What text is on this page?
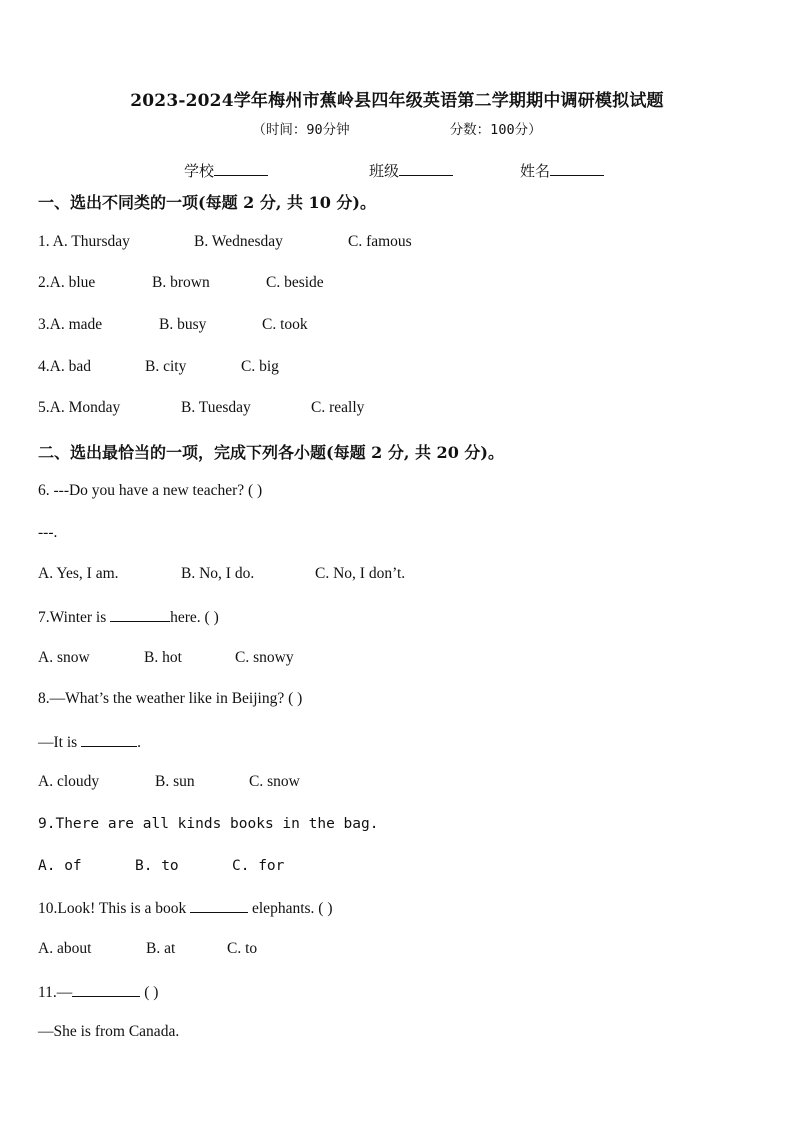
2023-2024学年梅州市蕉岭县四年级英语第二学期期中调研模拟试题
（时间：90分钟	分数：100分）
学校	班级	姓名
一、选出不同类的一项(每题 2 分, 共 10 分)。
1. A. Thursday	B. Wednesday	C. famous
2.A. blue	B. brown	C. beside
3.A. made	B. busy	C. took
4.A. bad	B. city	C. big
5.A. Monday	B. Tuesday	C. really
二、选出最恰当的一项，完成下列各小题(每题 2 分, 共 20 分)。
6. ---Do you have a new teacher? ( )
---.
A. Yes, I am.	B. No, I do.	C. No, I don’t.
7.Winter is	here. ( )
A. snow	B. hot	C. snowy
8.—What’s the weather like in Beijing? ( )
—It is	.
A. cloudy	B. sun	C. snow
9.There are all kinds books in the bag.
A. of	B. to	C. for
10.Look! This is a book	elephants. ( )
A. about	B. at	C. to
11.—	( )
—She is from Canada.
